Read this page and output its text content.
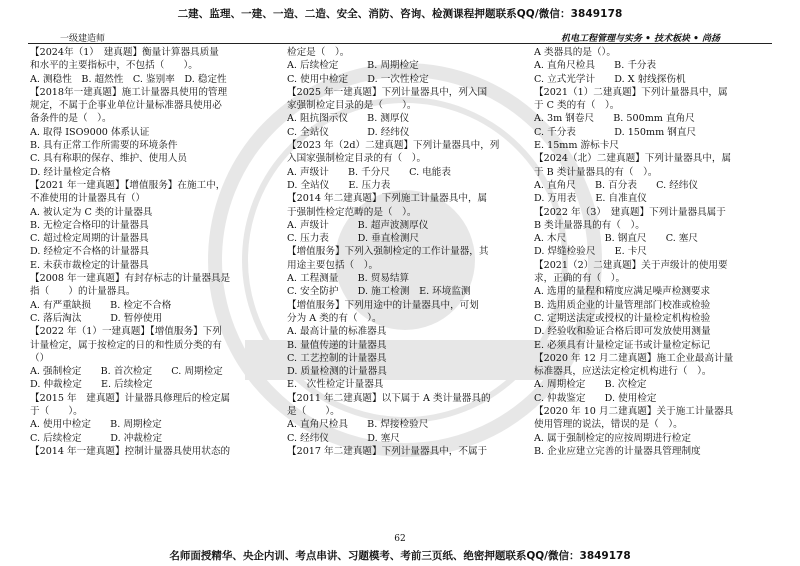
二建、监理、一建、一造、二造、安全、消防、咨询、检测课程押题联系QQ/微信：3849178
一级建造师	机电工程管理与实务 • 技术板块 • 尚扬

【2024年（1）　建真题】衡量计算器具质量

和水平的主要指标中，不包括（　　）。

A. 测稳性　B. 超然性　C. 鉴别率　D. 稳定性

【2018年一建真题】施工计量器具使用的管理

规定，不属于企事业单位计量标准器具使用必

备条件的是（　）。

A. 取得 ISO9000 体系认证

B. 具有正常工作所需要的环境条件

C. 具有称职的保存、维护、使用人员

D. 经计量检定合格

【2021 年一建真题】【增值服务】在施工中，

不准使用的计量器具有（）

A. 被认定为 C 类的计量器具

B. 无检定合格印的计量器具

C. 超过检定周期的计量器具

D. 经检定不合格的计量器具

E. 未获市裁检定的计量器具

【2008 年一建真题】有封存标志的计量器具是

指（　　）的计量器具。

A. 有严重缺损　　B. 检定不合格

C. 落后淘汰　　　D. 暂停使用

【2022 年（1）一建真题】【增值服务】下列

计量检定，属于按检定的日的和性质分类的有

（）

A. 强制检定　　B. 首次检定　　C. 周期检定

D. 仲裁检定　　E. 后续检定

【2015 年　建真题】计量器具修理后的检定属

于（　　）。

A. 使用中检定　　B. 周期检定

C. 后续检定　　　D. 冲裁检定

【2014 年一建真题】控制计量器具使用状态的

检定是（　）。

A. 后续检定　　　B. 周期检定

C. 使用中检定　　D. 一次性检定

【2025 年一建真题】下列计量器具中，列入国

家强制检定目录的是（　　）。

A. 阻抗图示仪　　B. 测厚仪

C. 全站仪　　　　D. 经纬仪

【2023 年（2d）二建真题】下列计量器具中，列

入国家强制检定目录的有（　）。

A. 声级计　　B. 千分尺　　C. 电能表

D. 全站仪　　E. 压力表

【2014 年二建真题】下列施工计量器具中，属

于强制性检定范畴的是（　）。

A. 声级计　　　B. 超声波测厚仪

C. 压力表　　　D. 垂直检测尺

【增值服务】下列入强制检定的工作计量器，其

用途主要包括（　）。

A. 工程测量　　B. 贸易结算

C. 安全防护　　D. 施工检测　E. 环境监测

【增值服务】下列用途中的计量器具中，可划

分为 A 类的有（　）。

A. 最高计量的标准器具

B. 量值传递的计量器具

C. 工艺控制的计量器具

D. 质量检测的计量器具

E.　次性检定计量器具

【2011 年二建真题】以下属于 A 类计量器具的

是（　　）。

A. 直角尺检具　　B. 焊接检验尺

C. 经纬仪　　　　D. 塞尺

【2017 年二建真题】下列计量器具中，不属于

A 类器具的是（）。

A. 直角尺检具　　B. 千分表

C. 立式光学计　　D. X 射线探伤机

【2021（1）二建真题】下列计量器具中，属

于 C 类的有（　）。

A. 3m 钢卷尺　　B. 500mm 直角尺

C. 千分表　　　　D. 150mm 钢直尺

E. 15mm 游标卡尺

【2024（北）二建真题】下列计量器具中，属

于 B 类计量器具的有（　）。

A. 直角尺　　B. 百分表　　C. 经纬仪

D. 万用表　　E. 自准直仪

【2022 年（3）　建真题】下列计量器具属于

B 类计量器具的有（　）。

A. 木尺　　　　B. 钢直尺　　C. 塞尺

D. 焊缝检验尺　　E. 卡尺

【2021（2）二建真题】关于声级计的使用要

求，正确的有（　）。

A. 选用的量程和精度应满足噪声检测要求

B. 选用质企业的计量管理部门校准或检验

C. 定期送法定或授权的计量检定机构检验

D. 经验收和验证合格后即可发放使用测量

E. 必须具有计量检定证书或计量检定标记

【2020 年 12 月二建真题】施工企业最高计量

标准器具，应送法定检定机构进行（　）。

A. 周期检定　　B. 次检定

C. 仲裁鉴定　　D. 使用检定

【2020 年 10 月二建真题】关于施工计量器具

使用管理的说法，错误的是（　）。

A. 属于强制检定的应按周期进行检定

B. 企业应建立完善的计量器具管理制度

62
名师面授精华、央企内训、考点串讲、习题模考、考前三页纸、绝密押题联系QQ/微信：3849178
